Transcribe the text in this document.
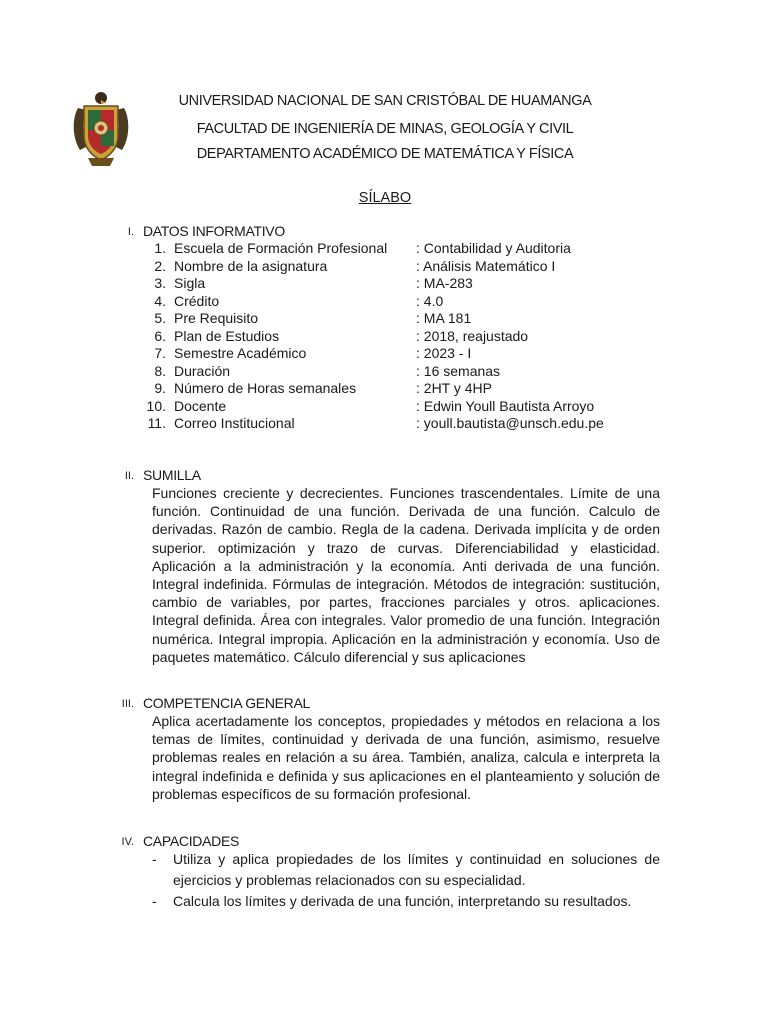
UNIVERSIDAD NACIONAL DE SAN CRISTÓBAL DE HUAMANGA
FACULTAD DE INGENIERÍA DE MINAS, GEOLOGÍA Y CIVIL
DEPARTAMENTO ACADÉMICO DE MATEMÁTICA Y FÍSICA
SÍLABO
I. DATOS INFORMATIVO
1. Escuela de Formación Profesional : Contabilidad y Auditoria
2. Nombre de la asignatura	: Análisis Matemático I
3. Sigla	: MA-283
4. Crédito	: 4.0
5. Pre Requisito	: MA 181
6. Plan de Estudios	: 2018, reajustado
7. Semestre Académico	: 2023 - I
8. Duración	: 16 semanas
9. Número de Horas semanales	: 2HT y 4HP
10. Docente	: Edwin Youll Bautista Arroyo
11. Correo Institucional	: youll.bautista@unsch.edu.pe
II. SUMILLA
Funciones creciente y decrecientes. Funciones trascendentales. Límite de una función. Continuidad de una función. Derivada de una función. Calculo de derivadas. Razón de cambio. Regla de la cadena. Derivada implícita y de orden superior. optimización y trazo de curvas. Diferenciabilidad y elasticidad. Aplicación a la administración y la economía. Anti derivada de una función. Integral indefinida. Fórmulas de integración. Métodos de integración: sustitución, cambio de variables, por partes, fracciones parciales y otros. aplicaciones. Integral definida. Área con integrales. Valor promedio de una función. Integración numérica. Integral impropia. Aplicación en la administración y economía. Uso de paquetes matemático. Cálculo diferencial y sus aplicaciones
III. COMPETENCIA GENERAL
Aplica acertadamente los conceptos, propiedades y métodos en relaciona a los temas de límites, continuidad y derivada de una función, asimismo, resuelve problemas reales en relación a su área. También, analiza, calcula e interpreta la integral indefinida e definida y sus aplicaciones en el planteamiento y solución de problemas específicos de su formación profesional.
IV. CAPACIDADES
- Utiliza y aplica propiedades de los límites y continuidad en soluciones de ejercicios y problemas relacionados con su especialidad.
- Calcula los límites y derivada de una función, interpretando su resultados.
